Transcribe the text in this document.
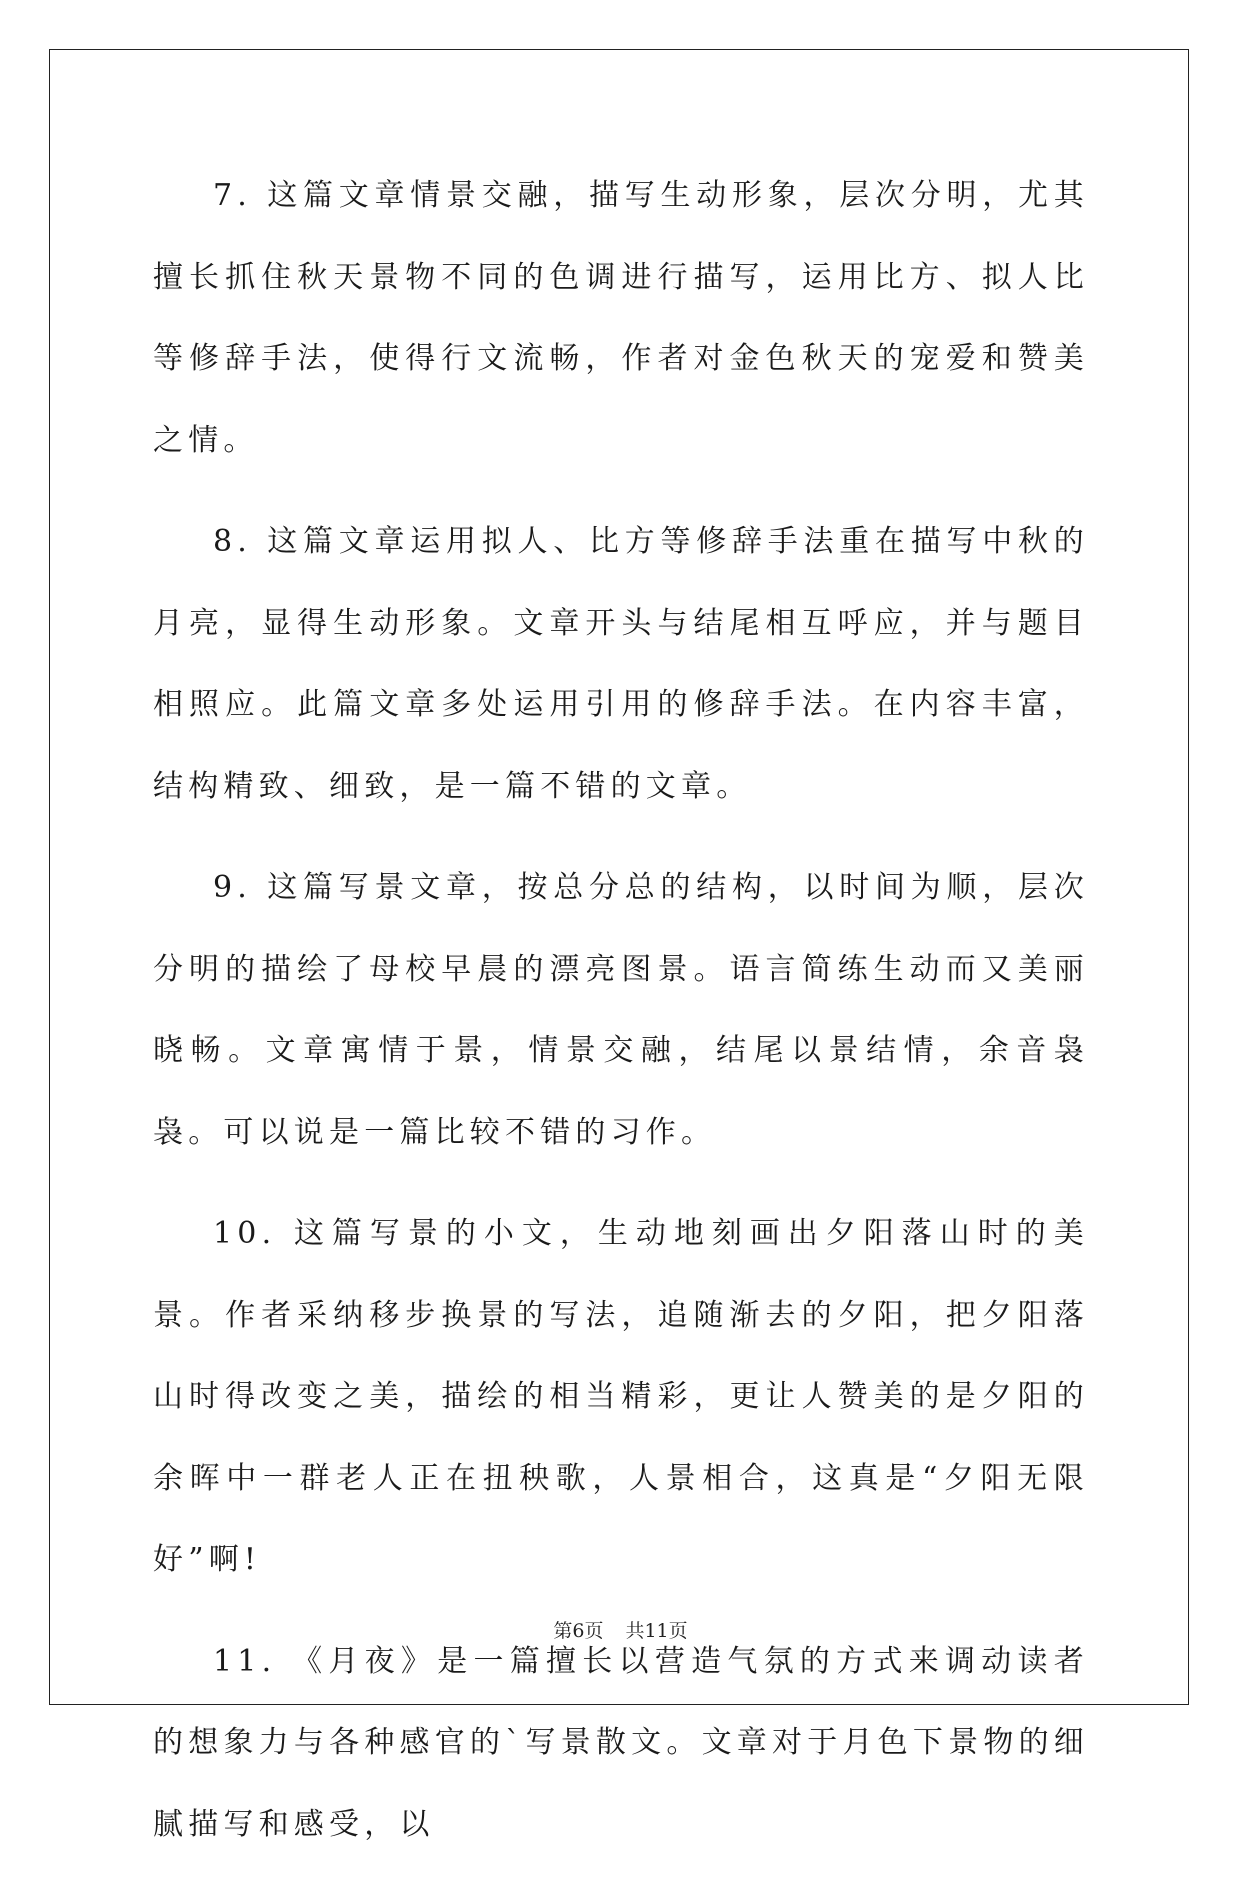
7. 这篇文章情景交融，描写生动形象，层次分明，尤其擅长抓住秋天景物不同的色调进行描写，运用比方、拟人比等修辞手法，使得行文流畅，作者对金色秋天的宠爱和赞美之情。

8. 这篇文章运用拟人、比方等修辞手法重在描写中秋的月亮，显得生动形象。文章开头与结尾相互呼应，并与题目相照应。此篇文章多处运用引用的修辞手法。在内容丰富，结构精致、细致，是一篇不错的文章。

9. 这篇写景文章，按总分总的结构，以时间为顺，层次分明的描绘了母校早晨的漂亮图景。语言简练生动而又美丽晓畅。文章寓情于景，情景交融，结尾以景结情，余音袅袅。可以说是一篇比较不错的习作。

10. 这篇写景的小文，生动地刻画出夕阳落山时的美景。作者采纳移步换景的写法，追随渐去的夕阳，把夕阳落山时得改变之美，描绘的相当精彩，更让人赞美的是夕阳的余晖中一群老人正在扭秧歌，人景相合，这真是“夕阳无限好”啊!

11. 《月夜》是一篇擅长以营造气氛的方式来调动读者的想象力与各种感官的`写景散文。文章对于月色下景物的细腻描写和感受，以

第6页 共11页
